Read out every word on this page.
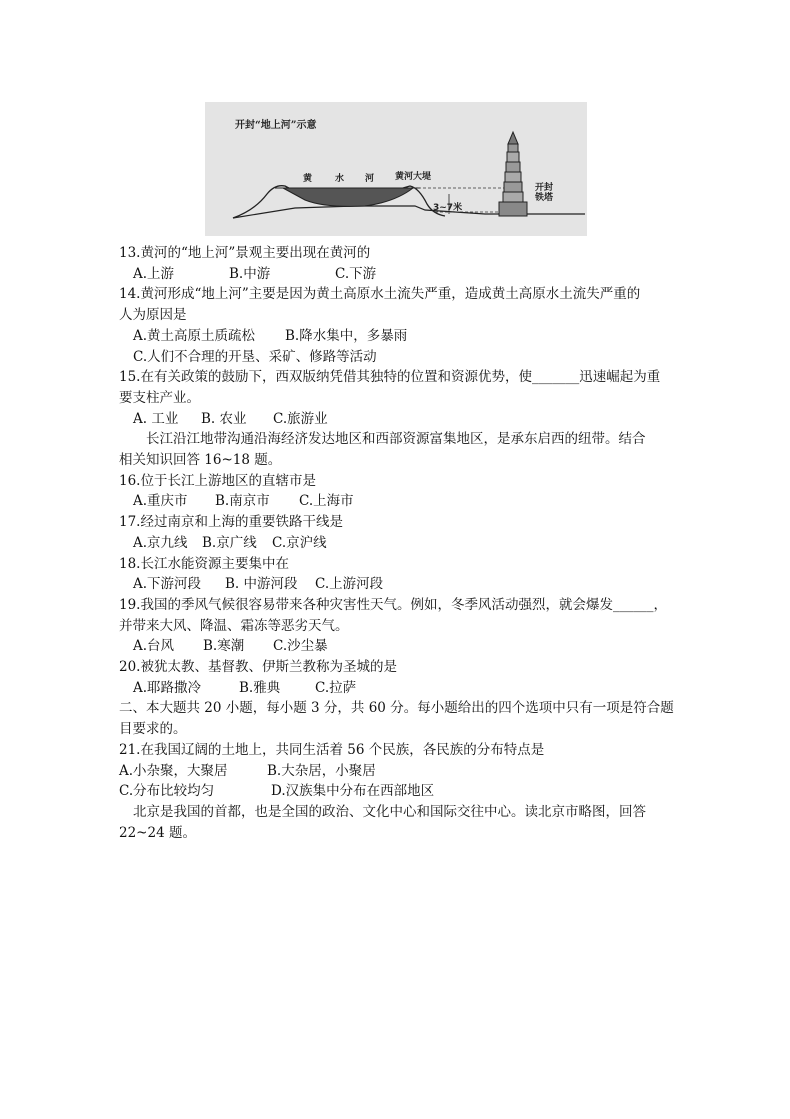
开封“地上河”示意
3~7米
黄	水 河 黄河大堤
开封
铁塔
13.黄河的“地上河”景观主要出现在黄河的
A.上游	B.中游	C.下游
14.黄河形成“地上河”主要是因为黄土高原水土流失严重，造成黄土高原水土流失严重的
人为原因是
A.黄土高原土质疏松 B.降水集中，多暴雨
C.人们不合理的开垦、采矿、修路等活动
15.在有关政策的鼓励下，西双版纳凭借其独特的位置和资源优势，使_______迅速崛起为重
要支柱产业。
A. 工业 B. 农业 C.旅游业
长江沿江地带沟通沿海经济发达地区和西部资源富集地区，是承东启西的纽带。结合
相关知识回答 16~18 题。
16.位于长江上游地区的直辖市是
A.重庆市 B.南京市 C.上海市
17.经过南京和上海的重要铁路干线是
A.京九线 B.京广线 C.京沪线
18.长江水能资源主要集中在
A.下游河段 B. 中游河段 C.上游河段
19.我国的季风气候很容易带来各种灾害性天气。例如，冬季风活动强烈，就会爆发______，
并带来大风、降温、霜冻等恶劣天气。
A.台风 B.寒潮 C.沙尘暴
20.被犹太教、基督教、伊斯兰教称为圣城的是
A.耶路撒冷	B.雅典	C.拉萨
二、本大题共 20 小题，每小题 3 分，共 60 分。每小题给出的四个选项中只有一项是符合题
目要求的。
21.在我国辽阔的土地上，共同生活着 56 个民族，各民族的分布特点是
A.小杂聚，大聚居	B.大杂居，小聚居
C.分布比较均匀	D.汉族集中分布在西部地区
北京是我国的首都，也是全国的政治、文化中心和国际交往中心。读北京市略图，回答
22~24 题。
